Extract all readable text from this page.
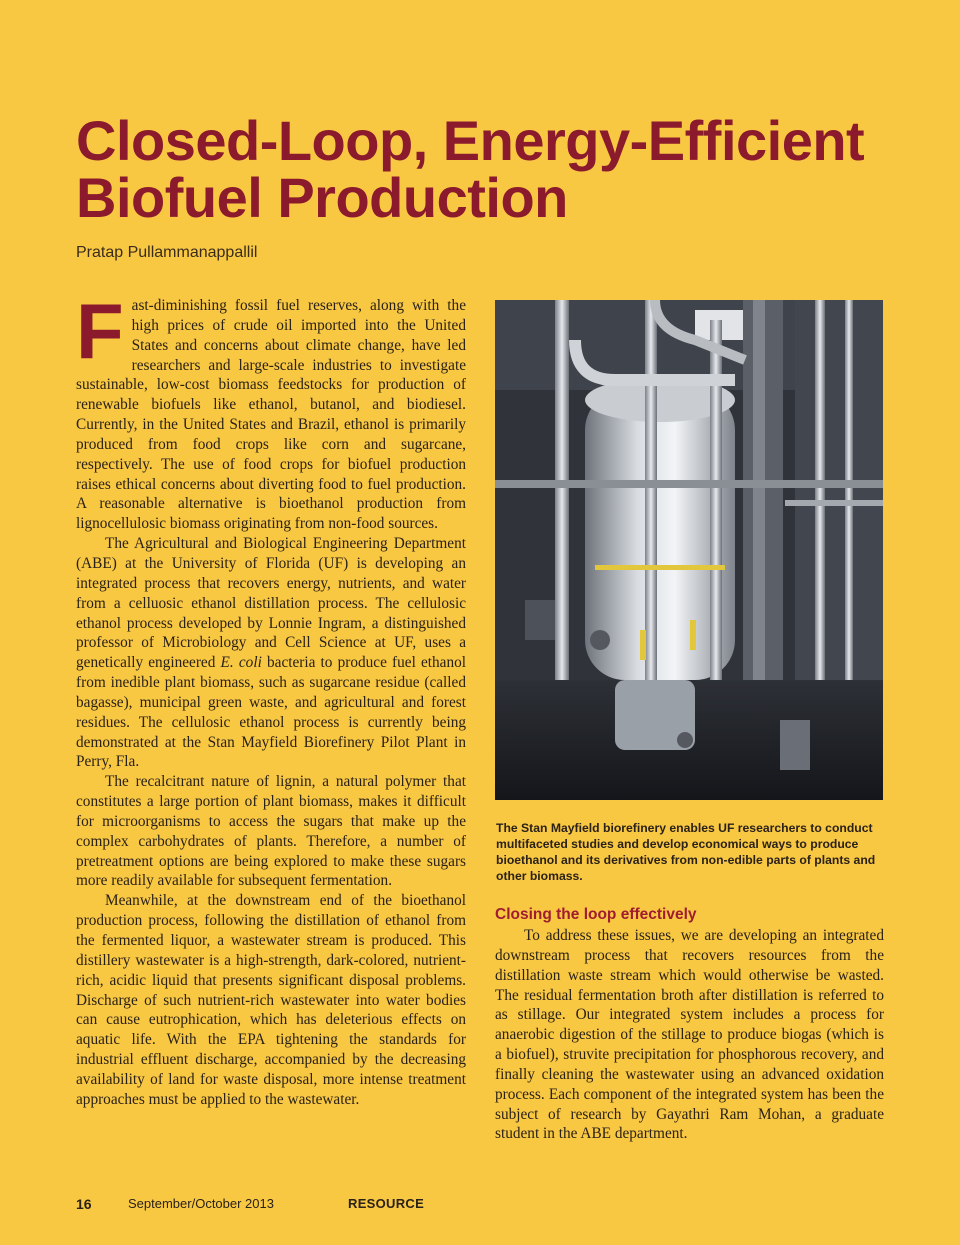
Closed-Loop, Energy-Efficient
Biofuel Production
Pratap Pullammanappallil

Fast-diminishing fossil fuel reserves, along with the high prices of crude oil imported into the United States and concerns about climate change, have led researchers and large-scale industries to investigate sustainable, low-cost biomass feedstocks for production of renewable biofuels like ethanol, butanol, and biodiesel. Currently, in the United States and Brazil, ethanol is primarily produced from food crops like corn and sugarcane, respectively. The use of food crops for biofuel production raises ethical concerns about diverting food to fuel production. A reasonable alternative is bioethanol production from lignocellulosic biomass originating from non-food sources.

The Agricultural and Biological Engineering Department (ABE) at the University of Florida (UF) is developing an integrated process that recovers energy, nutrients, and water from a celluosic ethanol distillation process. The cellulosic ethanol process developed by Lonnie Ingram, a distinguished professor of Microbiology and Cell Science at UF, uses a genetically engineered E. coli bacteria to produce fuel ethanol from inedible plant biomass, such as sugarcane residue (called bagasse), municipal green waste, and agricultural and forest residues. The cellulosic ethanol process is currently being demonstrated at the Stan Mayfield Biorefinery Pilot Plant in Perry, Fla.

The recalcitrant nature of lignin, a natural polymer that constitutes a large portion of plant biomass, makes it difficult for microorganisms to access the sugars that make up the complex carbohydrates of plants. Therefore, a number of pretreatment options are being explored to make these sugars more readily available for subsequent fermentation.

Meanwhile, at the downstream end of the bioethanol production process, following the distillation of ethanol from the fermented liquor, a wastewater stream is produced. This distillery wastewater is a high-strength, dark-colored, nutrient-rich, acidic liquid that presents significant disposal problems. Discharge of such nutrient-rich wastewater into water bodies can cause eutrophication, which has deleterious effects on aquatic life. With the EPA tightening the standards for industrial effluent discharge, accompanied by the decreasing availability of land for waste disposal, more intense treatment approaches must be applied to the wastewater.

The Stan Mayfield biorefinery enables UF researchers to conduct multifaceted studies and develop economical ways to produce bioethanol and its derivatives from non-edible parts of plants and other biomass.
Closing the loop effectively

To address these issues, we are developing an integrated downstream process that recovers resources from the distillation waste stream which would otherwise be wasted. The residual fermentation broth after distillation is referred to as stillage. Our integrated system includes a process for anaerobic digestion of the stillage to produce biogas (which is a biofuel), struvite precipitation for phosphorous recovery, and finally cleaning the wastewater using an advanced oxidation process. Each component of the integrated system has been the subject of research by Gayathri Ram Mohan, a graduate student in the ABE department.

16	September/October 2013	RESOURCE
